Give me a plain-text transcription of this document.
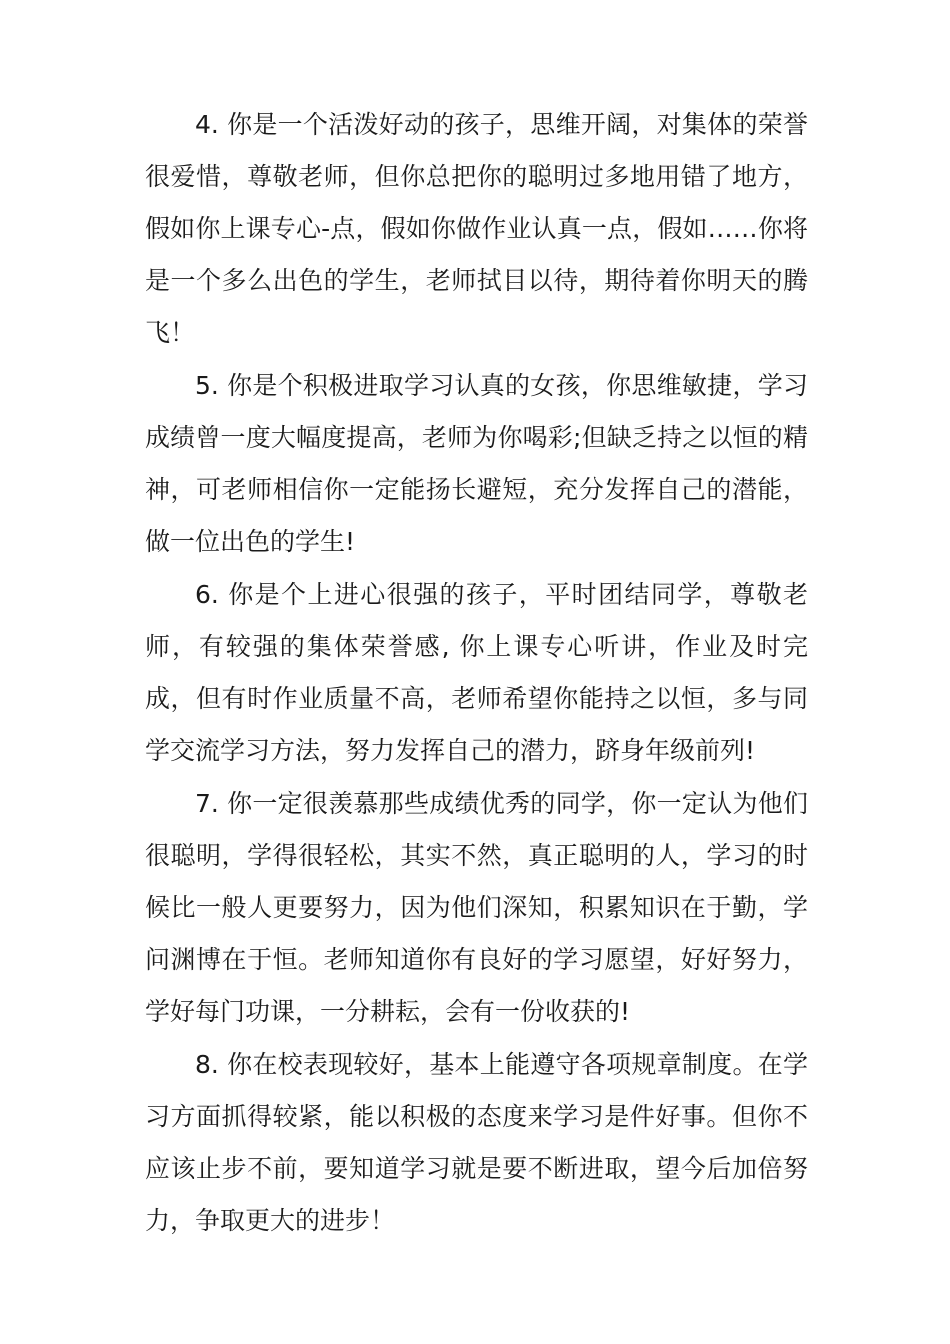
4. 你是一个活泼好动的孩子，思维开阔，对集体的荣誉很爱惜，尊敬老师，但你总把你的聪明过多地用错了地方，假如你上课专心-点，假如你做作业认真一点，假如……你将是一个多么出色的学生，老师拭目以待，期待着你明天的腾飞！

5. 你是个积极进取学习认真的女孩，你思维敏捷，学习成绩曾一度大幅度提高，老师为你喝彩;但缺乏持之以恒的精神，可老师相信你一定能扬长避短，充分发挥自己的潜能，做一位出色的学生!

6. 你是个上进心很强的孩子，平时团结同学，尊敬老师，有较强的集体荣誉感, 你上课专心听讲，作业及时完成，但有时作业质量不高，老师希望你能持之以恒，多与同学交流学习方法，努力发挥自己的潜力，跻身年级前列!

7. 你一定很羡慕那些成绩优秀的同学，你一定认为他们很聪明，学得很轻松，其实不然，真正聪明的人，学习的时候比一般人更要努力，因为他们深知，积累知识在于勤，学问渊博在于恒。老师知道你有良好的学习愿望，好好努力，学好每门功课，一分耕耘，会有一份收获的!

8. 你在校表现较好，基本上能遵守各项规章制度。在学习方面抓得较紧，能以积极的态度来学习是件好事。但你不应该止步不前，要知道学习就是要不断进取，望今后加倍努力，争取更大的进步！
